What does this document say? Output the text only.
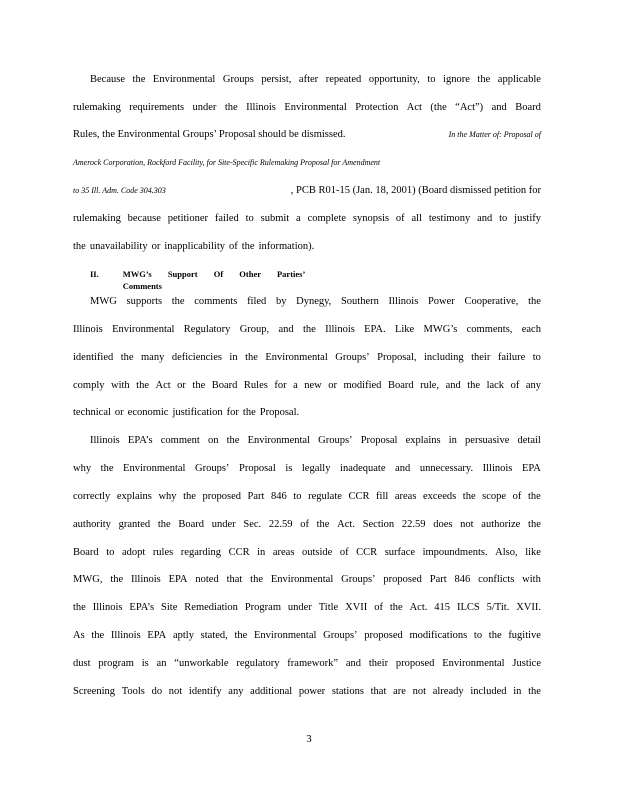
Because the Environmental Groups persist, after repeated opportunity, to ignore the applicable
rulemaking requirements under the Illinois Environmental Protection Act (the “Act”) and Board
Rules, the Environmental Groups’ Proposal should be dismissed.	In the Matter of: Proposal of
Amerock Corporation, Rockford Facility, for Site-Specific Rulemaking Proposal for Amendment
to 35 Ill. Adm. Code 304.303	, PCB R01-15 (Jan. 18, 2001) (Board dismissed petition for
rulemaking because petitioner failed to submit a complete synopsis of all testimony and to justify
the unavailability or inapplicability of the information).
II.	MWG’s Support Of Other Parties’ Comments
MWG supports the comments filed by Dynegy, Southern Illinois Power Cooperative, the
Illinois Environmental Regulatory Group, and the Illinois EPA. Like MWG’s comments, each
identified the many deficiencies in the Environmental Groups’ Proposal, including their failure to
comply with the Act or the Board Rules for a new or modified Board rule, and the lack of any
technical or economic justification for the Proposal.
Illinois EPA’s comment on the Environmental Groups’ Proposal explains in persuasive detail
why the Environmental Groups’ Proposal is legally inadequate and unnecessary. Illinois EPA
correctly explains why the proposed Part 846 to regulate CCR fill areas exceeds the scope of the
authority granted the Board under Sec. 22.59 of the Act. Section 22.59 does not authorize the
Board to adopt rules regarding CCR in areas outside of CCR surface impoundments. Also, like
MWG, the Illinois EPA noted that the Environmental Groups’ proposed Part 846 conflicts with
the Illinois EPA’s Site Remediation Program under Title XVII of the Act. 415 ILCS 5/Tit. XVII.
As the Illinois EPA aptly stated, the Environmental Groups’ proposed modifications to the fugitive
dust program is an “unworkable regulatory framework” and their proposed Environmental Justice
Screening Tools do not identify any additional power stations that are not already included in the
3
